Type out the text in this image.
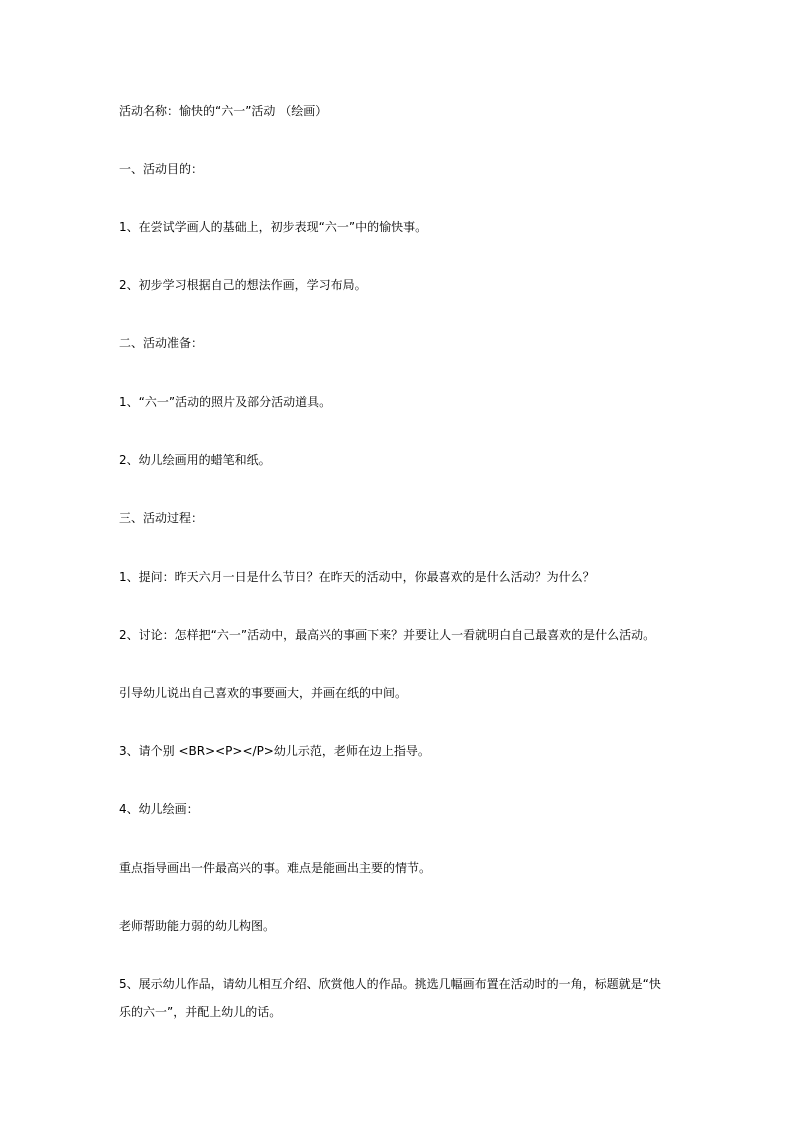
活动名称：愉快的“六一”活动 （绘画）

一、活动目的：

1、在尝试学画人的基础上，初步表现“六一”中的愉快事。

2、初步学习根据自己的想法作画，学习布局。

二、活动准备：

1、“六一”活动的照片及部分活动道具。

2、幼儿绘画用的蜡笔和纸。

三、活动过程：

1、提问：昨天六月一日是什么节日？在昨天的活动中，你最喜欢的是什么活动？为什么？

2、讨论：怎样把“六一”活动中，最高兴的事画下来？并要让人一看就明白自己最喜欢的是什么活动。

引导幼儿说出自己喜欢的事要画大，并画在纸的中间。

3、请个别 <BR><P></P>幼儿示范，老师在边上指导。

4、幼儿绘画：

重点指导画出一件最高兴的事。难点是能画出主要的情节。

老师帮助能力弱的幼儿构图。

5、展示幼儿作品，请幼儿相互介绍、欣赏他人的作品。挑选几幅画布置在活动时的一角，标题就是“快乐的六一”，并配上幼儿的话。
